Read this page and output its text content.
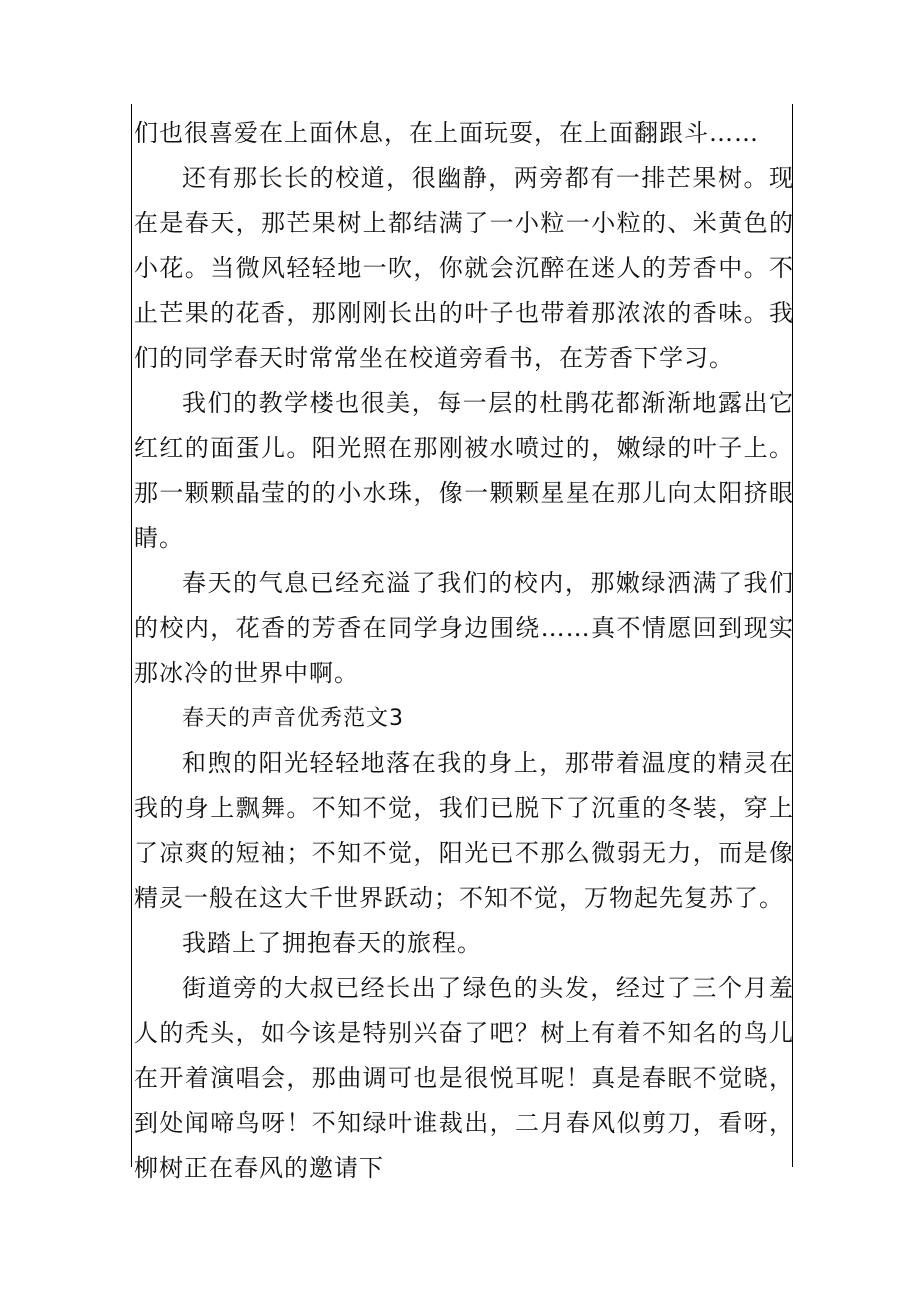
们也很喜爱在上面休息，在上面玩耍，在上面翻跟斗……

还有那长长的校道，很幽静，两旁都有一排芒果树。现在是春天，那芒果树上都结满了一小粒一小粒的、米黄色的小花。当微风轻轻地一吹，你就会沉醉在迷人的芳香中。不止芒果的花香，那刚刚长出的叶子也带着那浓浓的香味。我们的同学春天时常常坐在校道旁看书，在芳香下学习。

我们的教学楼也很美，每一层的杜鹃花都渐渐地露出它红红的面蛋儿。阳光照在那刚被水喷过的，嫩绿的叶子上。那一颗颗晶莹的的小水珠，像一颗颗星星在那儿向太阳挤眼睛。

春天的气息已经充溢了我们的校内，那嫩绿洒满了我们的校内，花香的芳香在同学身边围绕……真不情愿回到现实那冰冷的世界中啊。

春天的声音优秀范文3

和煦的阳光轻轻地落在我的身上，那带着温度的精灵在我的身上飘舞。不知不觉，我们已脱下了沉重的冬装，穿上了凉爽的短袖；不知不觉，阳光已不那么微弱无力，而是像精灵一般在这大千世界跃动；不知不觉，万物起先复苏了。

我踏上了拥抱春天的旅程。

街道旁的大叔已经长出了绿色的头发，经过了三个月羞人的秃头，如今该是特别兴奋了吧？树上有着不知名的鸟儿在开着演唱会，那曲调可也是很悦耳呢！真是春眠不觉晓，到处闻啼鸟呀！不知绿叶谁裁出，二月春风似剪刀，看呀，柳树正在春风的邀请下
